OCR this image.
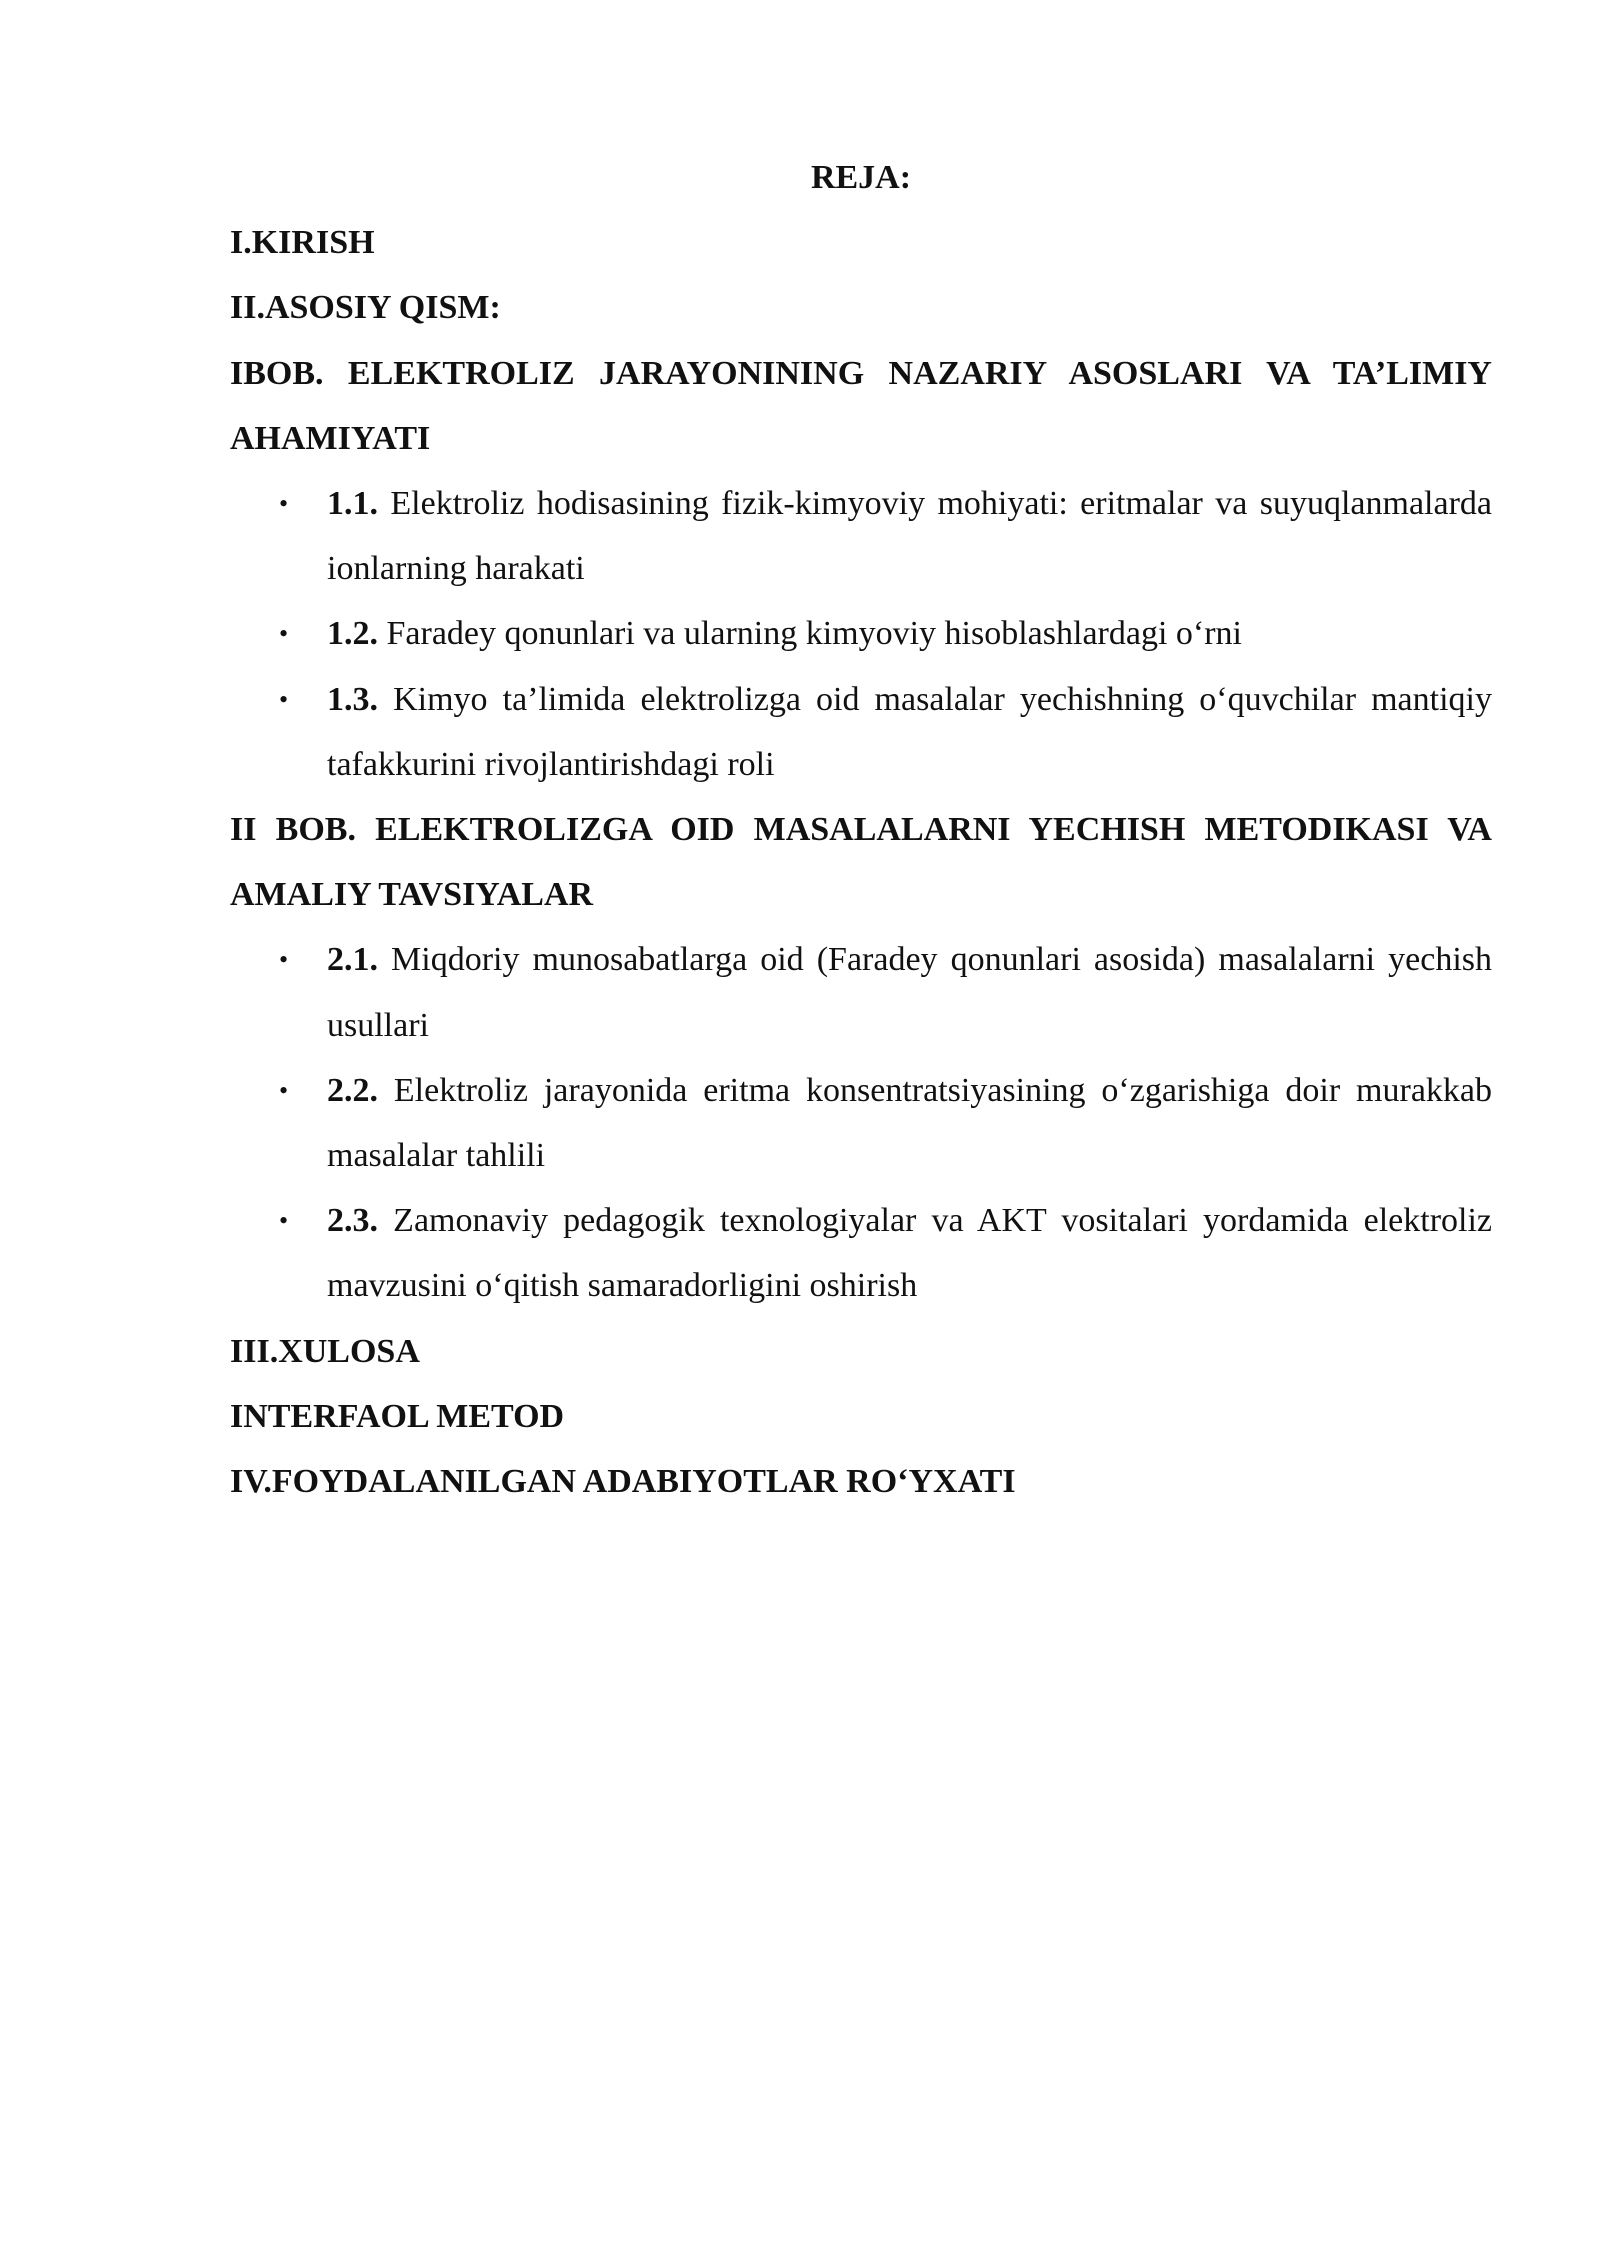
REJA:
I.KIRISH
II.ASOSIY QISM:
IBOB. ELEKTROLIZ JARAYONINING NAZARIY ASOSLARI VA TA’LIMIY AHAMIYATI
• 1.1. Elektroliz hodisasining fizik-kimyoviy mohiyati: eritmalar va suyuqlanmalarda ionlarning harakati
• 1.2. Faradey qonunlari va ularning kimyoviy hisoblashlardagi o‘rni
• 1.3. Kimyo ta’limida elektrolizga oid masalalar yechishning o‘quvchilar mantiqiy tafakkurini rivojlantirishdagi roli
II BOB. ELEKTROLIZGA OID MASALALARNI YECHISH METODIKASI VA AMALIY TAVSIYALAR
• 2.1. Miqdoriy munosabatlarga oid (Faradey qonunlari asosida) masalalarni yechish usullari
• 2.2. Elektroliz jarayonida eritma konsentratsiyasining o‘zgarishiga doir murakkab masalalar tahlili
• 2.3. Zamonaviy pedagogik texnologiyalar va AKT vositalari yordamida elektroliz mavzusini o‘qitish samaradorligini oshirish
III.XULOSA
INTERFAOL METOD
IV.FOYDALANILGAN ADABIYOTLAR RO‘YXATI
